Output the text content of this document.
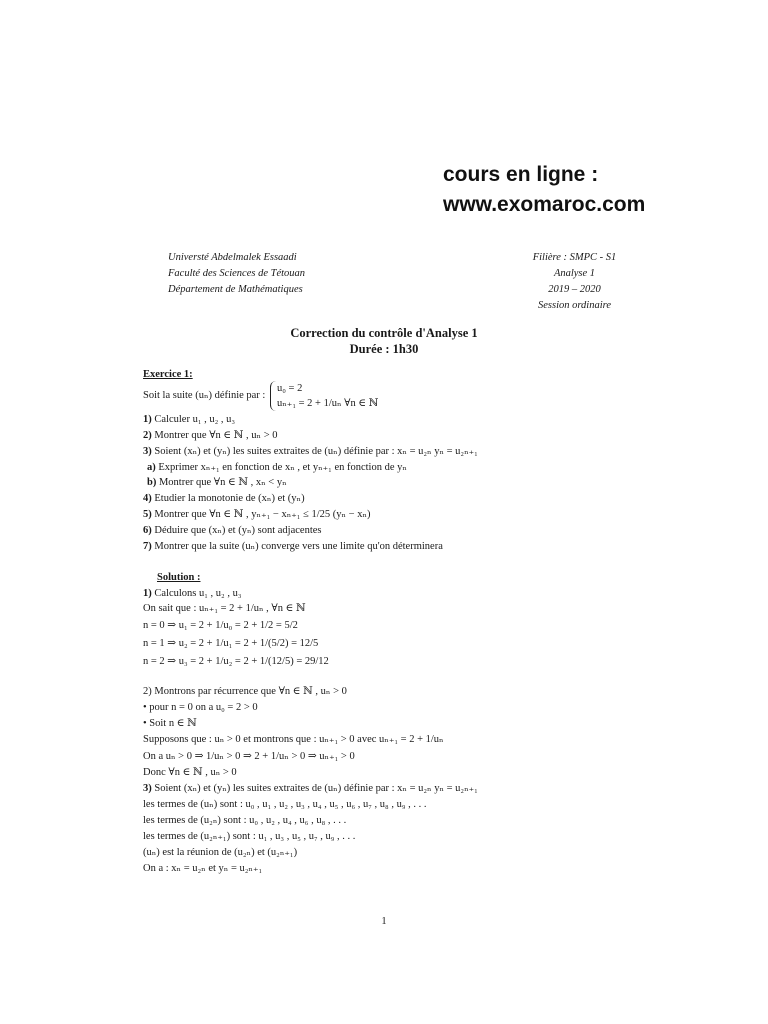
cours en ligne :
www.exomaroc.com
Universté Abdelmalek Essaadi
Faculté des Sciences de Tétouan
Département de Mathématiques
Filière : SMPC - S1
Analyse 1
2019 – 2020
Session ordinaire
Correction du contrôle d'Analyse 1
Durée : 1h30
Exercice 1:
Soit la suite (uₙ) définie par :
u₀ = 2
uₙ₊₁ = 2 + 1/uₙ ∀n ∈ ℕ
1) Calculer u₁ , u₂ , u₃
2) Montrer que ∀n ∈ ℕ , uₙ > 0
3) Soient (xₙ) et (yₙ) les suites extraites de (uₙ) définie par : xₙ = u₂ₙ yₙ = u₂ₙ₊₁
a) Exprimer xₙ₊₁ en fonction de xₙ , et yₙ₊₁ en fonction de yₙ
b) Montrer que ∀n ∈ ℕ , xₙ < yₙ
4) Etudier la monotonie de (xₙ) et (yₙ)
5) Montrer que ∀n ∈ ℕ , yₙ₊₁ − xₙ₊₁ ≤ 1/25 (yₙ − xₙ)
6) Déduire que (xₙ) et (yₙ) sont adjacentes
7) Montrer que la suite (uₙ) converge vers une limite qu'on déterminera
Solution :
1) Calculons u₁ , u₂ , u₃
On sait que : uₙ₊₁ = 2 + 1/uₙ , ∀n ∈ ℕ
n = 0 ⇒ u₁ = 2 + 1/u₀ = 2 + 1/2 = 5/2
n = 1 ⇒ u₂ = 2 + 1/u₁ = 2 + 1/(5/2) = 12/5
n = 2 ⇒ u₃ = 2 + 1/u₂ = 2 + 1/(12/5) = 29/12
2) Montrons par récurrence que ∀n ∈ ℕ , uₙ > 0
• pour n = 0 on a u₀ = 2 > 0
• Soit n ∈ ℕ
Supposons que : uₙ > 0 et montrons que : uₙ₊₁ > 0 avec uₙ₊₁ = 2 + 1/uₙ
On a uₙ > 0 ⇒ 1/uₙ > 0 ⇒ 2 + 1/uₙ > 0 ⇒ uₙ₊₁ > 0
Donc ∀n ∈ ℕ , uₙ > 0
3) Soient (xₙ) et (yₙ) les suites extraites de (uₙ) définie par : xₙ = u₂ₙ yₙ = u₂ₙ₊₁
les termes de (uₙ) sont : u₀ , u₁ , u₂ , u₃ , u₄ , u₅ , u₆ , u₇ , u₈ , u₉ , . . .
les termes de (u₂ₙ) sont : u₀ , u₂ , u₄ , u₆ , u₈ , . . .
les termes de (u₂ₙ₊₁) sont : u₁ , u₃ , u₅ , u₇ , u₉ , . . .
(uₙ) est la réunion de (u₂ₙ) et (u₂ₙ₊₁)
On a : xₙ = u₂ₙ et yₙ = u₂ₙ₊₁
1
